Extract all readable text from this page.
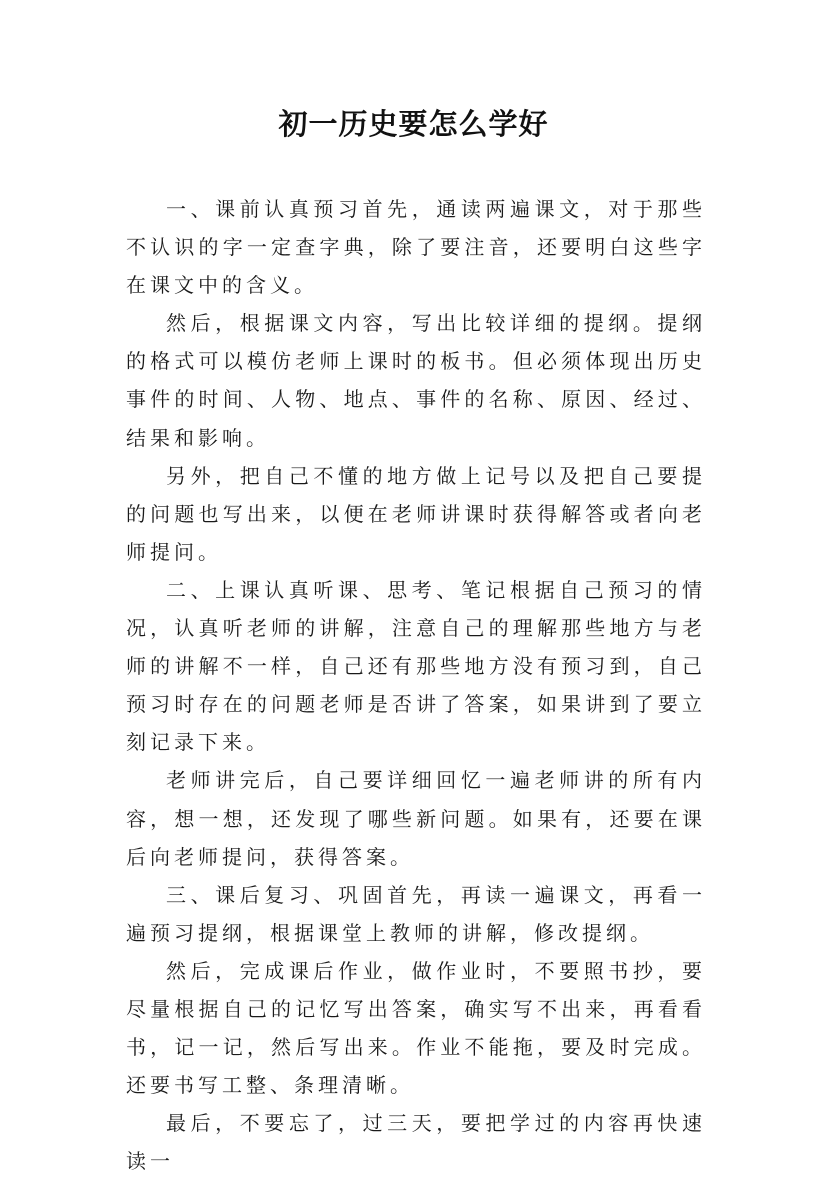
初一历史要怎么学好

一、课前认真预习首先，通读两遍课文，对于那些不认识的字一定查字典，除了要注音，还要明白这些字在课文中的含义。

然后，根据课文内容，写出比较详细的提纲。提纲的格式可以模仿老师上课时的板书。但必须体现出历史事件的时间、人物、地点、事件的名称、原因、经过、结果和影响。

另外，把自己不懂的地方做上记号以及把自己要提的问题也写出来，以便在老师讲课时获得解答或者向老师提问。

二、上课认真听课、思考、笔记根据自己预习的情况，认真听老师的讲解，注意自己的理解那些地方与老师的讲解不一样，自己还有那些地方没有预习到，自己预习时存在的问题老师是否讲了答案，如果讲到了要立刻记录下来。

老师讲完后，自己要详细回忆一遍老师讲的所有内容，想一想，还发现了哪些新问题。如果有，还要在课后向老师提问，获得答案。

三、课后复习、巩固首先，再读一遍课文，再看一遍预习提纲，根据课堂上教师的讲解，修改提纲。

然后，完成课后作业，做作业时，不要照书抄，要尽量根据自己的记忆写出答案，确实写不出来，再看看书，记一记，然后写出来。作业不能拖，要及时完成。还要书写工整、条理清晰。

最后，不要忘了，过三天，要把学过的内容再快速读一
